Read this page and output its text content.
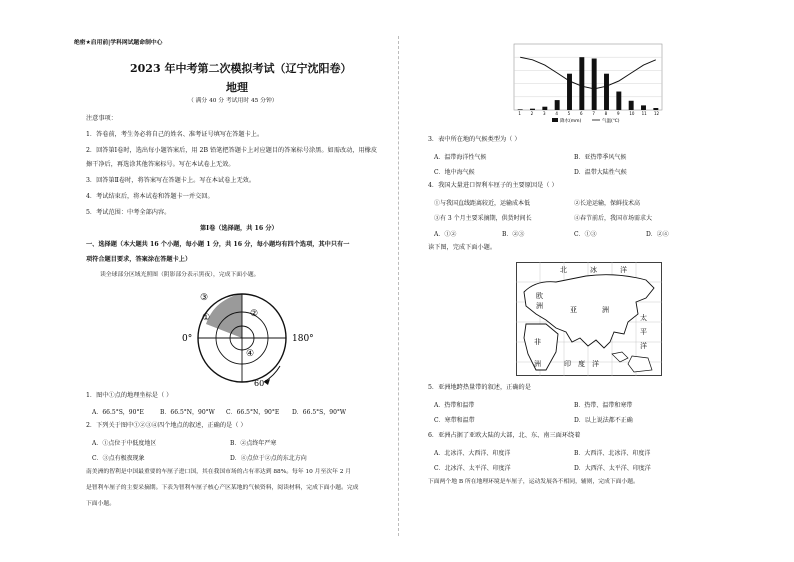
绝密★启用前|学科网试题命制中心
2023 年中考第二次模拟考试（辽宁沈阳卷）
地理
（ 满分 40 分 考试用时 45 分钟）
注意事项：
1．答卷前，考生务必将自己的姓名、准考证号填写在答题卡上。
2．回答第Ⅰ卷时，选出每小题答案后，用 2B 铅笔把答题卡上对应题目的答案标号涂黑。如需改动，用橡皮
擦干净后，再选涂其他答案标号。写在本试卷上无效。
3．回答第Ⅱ卷时，将答案写在答题卡上。写在本试卷上无效。
4．考试结束后，将本试卷和答题卡一并交回。
5．考试范围：中考全部内容。
第Ⅰ卷（选择题，共 16 分）
一、选择题（本大题共 16 个小题，每小题 1 分，共 16 分，每小题均有四个选项，其中只有一
项符合题目要求，答案涂在答题卡上）
读全球部分区域光照图（阴影部分表示黑夜），完成下面小题。
0°	180°
60°
③
②
①
④
1．图中①点的地理坐标是（ ）
A．66.5°S，90°E	B．66.5°N，90°W C．66.5°N，90°E D．66.5°S，90°W
2．下列关于图中①②③④四个地点的叙述，正确的是（ ）
A．①点位于中低度地区	B．②点终年严寒
C．③点有极夜现象	D．④点位于②点的东北方向
南美洲的智利是中国最重要的车厘子进口国，其在我国市场的占有率达到 88%。每年 10 月至次年 2 月
是智利车厘子的主要采摘期。下表为智利车厘子核心产区某地的气候资料，阅读材料，完成下面小题。完成
下面小题。
1 2 3 4 5 6 7 8 9 10 11 12
降水(mm)	气温(℃)
3．表中所在地的气候类型为（ ）
A．温带海洋性气候	B．亚热带季风气候
C．地中海气候	D．温带大陆性气候
4．我国大量进口智利车厘子的主要原因是（ ）
①与我国直线距离较近，运输成本低	②长途运输，保鲜技术高
③有 3 个月主要采摘期，供货时间长	④春节前后，我国市场需求大
A．①②	B．②③	C．①③	D．②④
读下图，完成下面小题。
北	冰	洋
欧
洲	亚	洲
太
平
洋
非
洲	印 度 洋
5．亚洲地跨热量带的叙述，正确的是
A．热带和温带	B．热带、温带和寒带
C．寒带和温带	D．以上说法都不正确
6．亚洲占据了亚欧大陆的大部，北、东、南三面环绕着
A．北冰洋、大西洋、印度洋	B．大西洋、北冰洋、印度洋
C．北冰洋、太平洋、印度洋	D．大西洋、太平洋、印度洋
下面两个地 B 所在地理环境是车厘子，运动发展各不相同，辅则，完成下面小题。
